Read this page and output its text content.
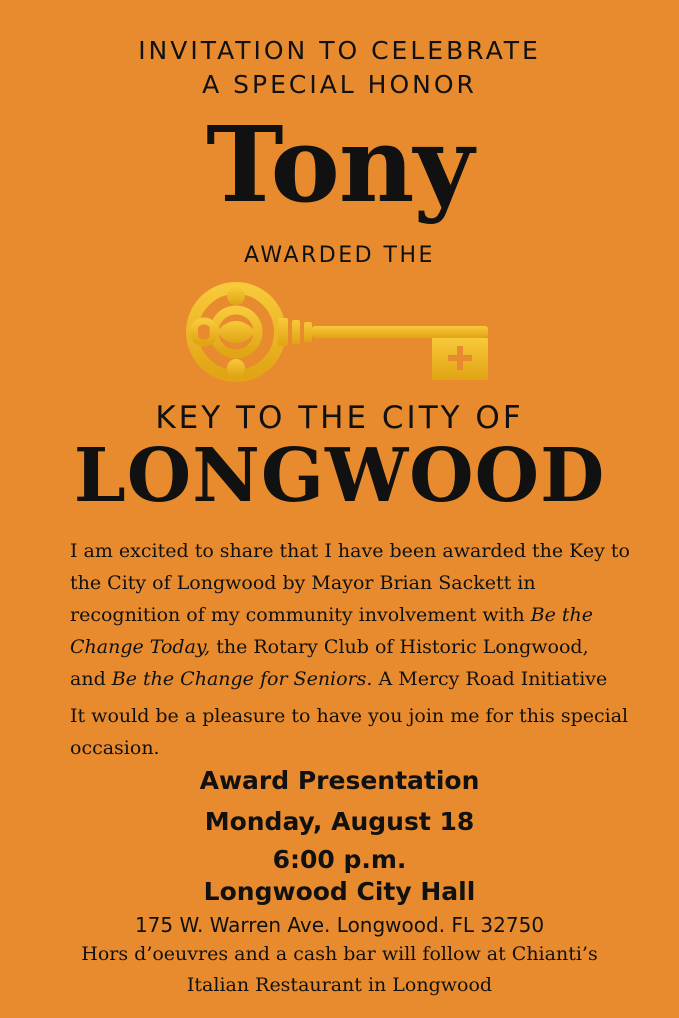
INVITATION TO CELEBRATE
A SPECIAL HONOR
Tony
AWARDED THE
KEY TO THE CITY OF
LONGWOOD
I am excited to share that I have been awarded the Key to the City of Longwood by Mayor Brian Sackett in recognition of my community involvement with Be the Change Today, the Rotary Club of Historic Longwood, and Be the Change for Seniors. A Mercy Road Initiative
It would be a pleasure to have you join me for this special occasion.
Award Presentation
Monday, August 18
6:00 p.m.
Longwood City Hall
175 W. Warren Ave. Longwood. FL 32750
Hors d’oeuvres and a cash bar will follow at Chianti’s
Italian Restaurant in Longwood
